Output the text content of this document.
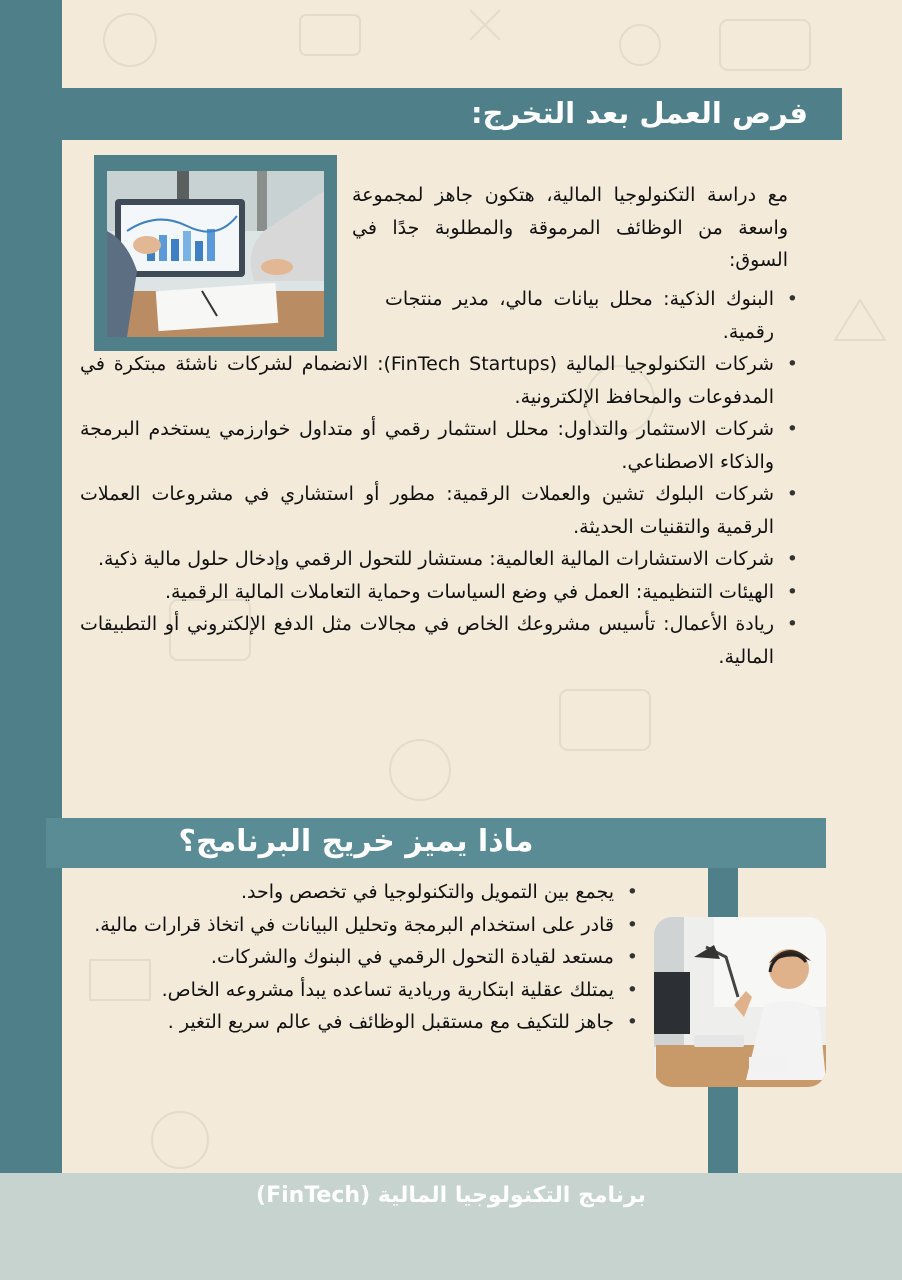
فرص العمل بعد التخرج:

مع دراسة التكنولوجيا المالية، هتكون جاهز لمجموعة واسعة من الوظائف المرموقة والمطلوبة جدًا في السوق:

• البنوك الذكية: محلل بيانات مالي، مدير منتجات رقمية.
• شركات التكنولوجيا المالية (FinTech Startups): الانضمام لشركات ناشئة مبتكرة في المدفوعات والمحافظ الإلكترونية.
• شركات الاستثمار والتداول: محلل استثمار رقمي أو متداول خوارزمي يستخدم البرمجة والذكاء الاصطناعي.
• شركات البلوك تشين والعملات الرقمية: مطور أو استشاري في مشروعات العملات الرقمية والتقنيات الحديثة.
• شركات الاستشارات المالية العالمية: مستشار للتحول الرقمي وإدخال حلول مالية ذكية.
• الهيئات التنظيمية: العمل في وضع السياسات وحماية التعاملات المالية الرقمية.
• ريادة الأعمال: تأسيس مشروعك الخاص في مجالات مثل الدفع الإلكتروني أو التطبيقات المالية.
ماذا يميز خريج البرنامج؟
• يجمع بين التمويل والتكنولوجيا في تخصص واحد.
• قادر على استخدام البرمجة وتحليل البيانات في اتخاذ قرارات مالية.
• مستعد لقيادة التحول الرقمي في البنوك والشركات.
• يمتلك عقلية ابتكارية وريادية تساعده يبدأ مشروعه الخاص.
• جاهز للتكيف مع مستقبل الوظائف في عالم سريع التغير .
برنامج التكنولوجيا المالية (FinTech)
